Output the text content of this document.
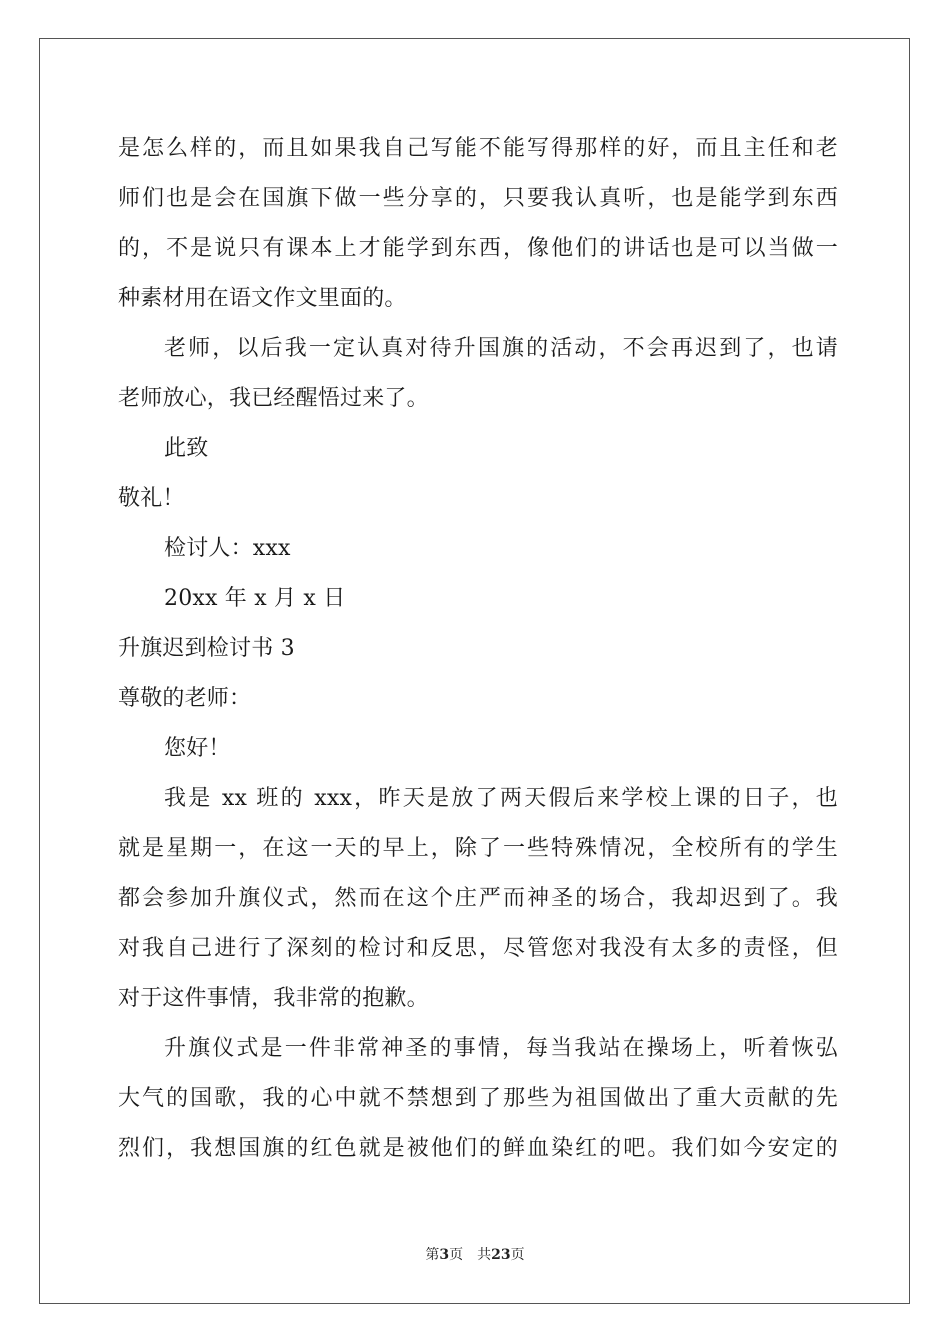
是怎么样的，而且如果我自己写能不能写得那样的好，而且主任和老
师们也是会在国旗下做一些分享的，只要我认真听，也是能学到东西
的，不是说只有课本上才能学到东西，像他们的讲话也是可以当做一
种素材用在语文作文里面的。
老师，以后我一定认真对待升国旗的活动，不会再迟到了，也请
老师放心，我已经醒悟过来了。
此致
敬礼！
检讨人：xxx
20xx 年 x 月 x 日
升旗迟到检讨书 3
尊敬的老师：
您好！
我是 xx 班的 xxx，昨天是放了两天假后来学校上课的日子，也
就是星期一，在这一天的早上，除了一些特殊情况，全校所有的学生
都会参加升旗仪式，然而在这个庄严而神圣的场合，我却迟到了。我
对我自己进行了深刻的检讨和反思，尽管您对我没有太多的责怪，但
对于这件事情，我非常的抱歉。
升旗仪式是一件非常神圣的事情，每当我站在操场上，听着恢弘
大气的国歌，我的心中就不禁想到了那些为祖国做出了重大贡献的先
烈们，我想国旗的红色就是被他们的鲜血染红的吧。我们如今安定的
第3页　共23页
